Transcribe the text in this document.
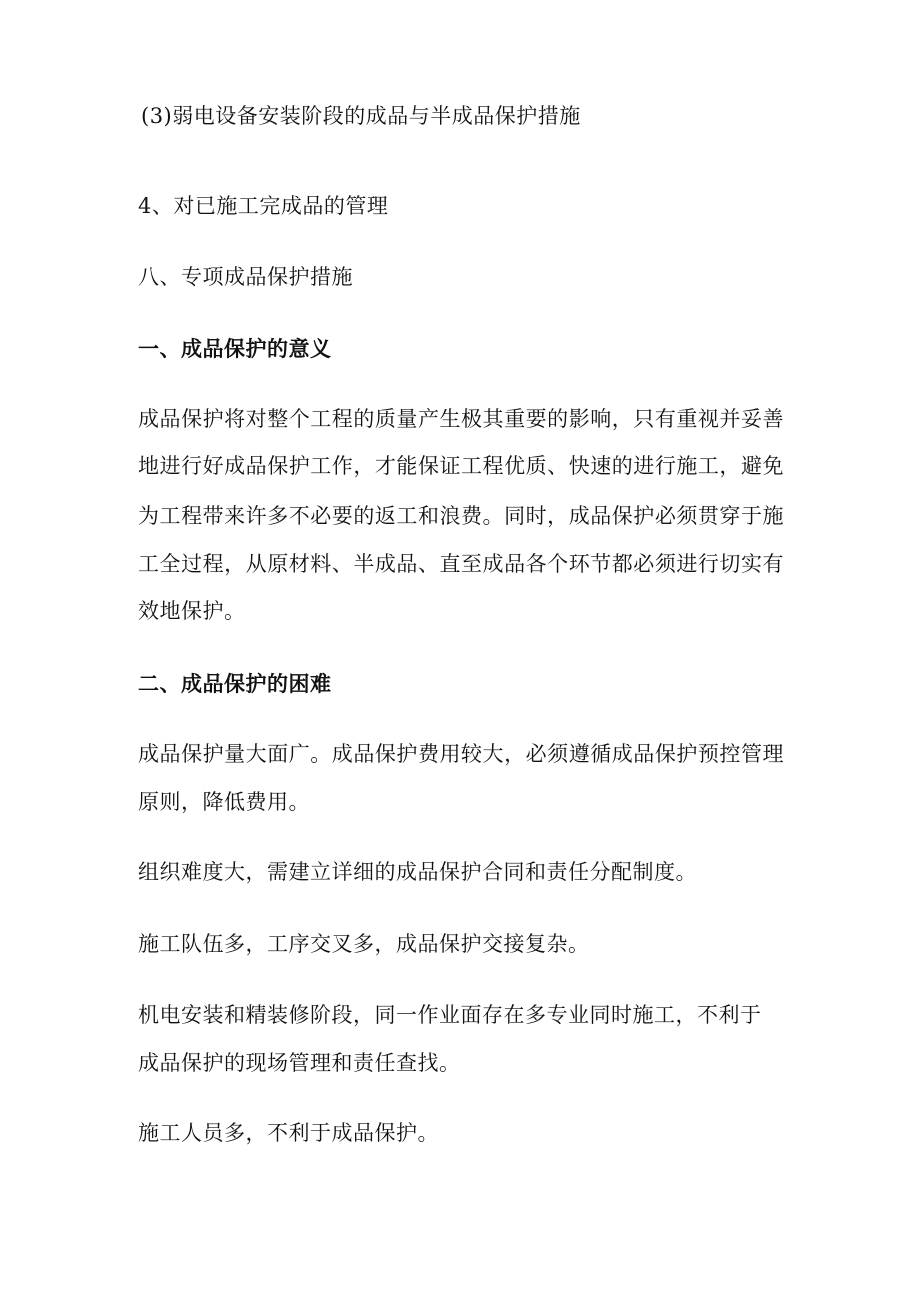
(3)弱电设备安装阶段的成品与半成品保护措施
4、对已施工完成品的管理
八、专项成品保护措施
一、成品保护的意义
成品保护将对整个工程的质量产生极其重要的影响，只有重视并妥善
地进行好成品保护工作，才能保证工程优质、快速的进行施工，避免
为工程带来许多不必要的返工和浪费。同时，成品保护必须贯穿于施
工全过程，从原材料、半成品、直至成品各个环节都必须进行切实有
效地保护。
二、成品保护的困难
成品保护量大面广。成品保护费用较大，必须遵循成品保护预控管理
原则，降低费用。
组织难度大，需建立详细的成品保护合同和责任分配制度。
施工队伍多，工序交叉多，成品保护交接复杂。
机电安装和精装修阶段，同一作业面存在多专业同时施工，不利于
成品保护的现场管理和责任查找。
施工人员多，不利于成品保护。
